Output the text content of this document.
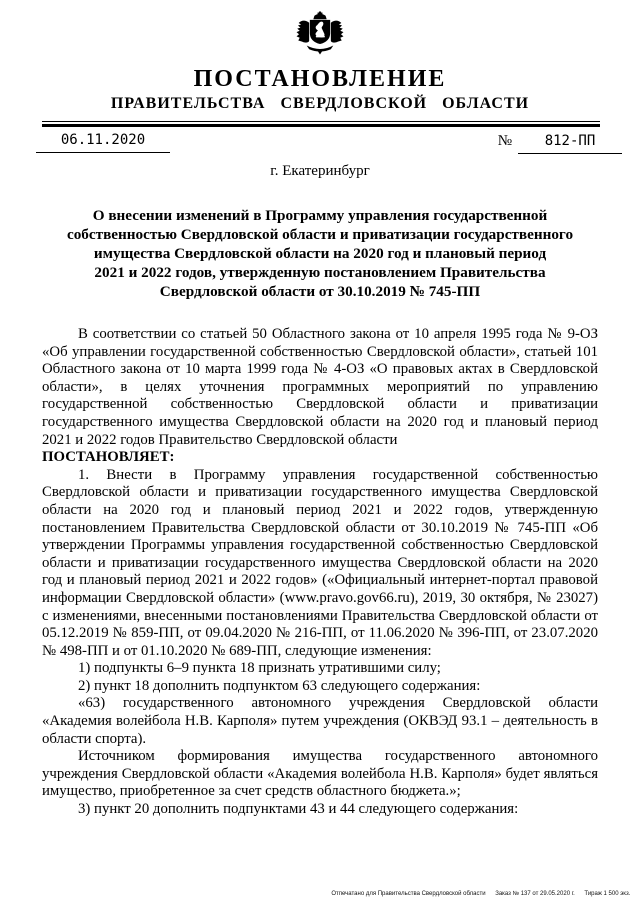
ПОСТАНОВЛЕНИЕ
ПРАВИТЕЛЬСТВА СВЕРДЛОВСКОЙ ОБЛАСТИ
06.11.2020	№ 812-ПП
г. Екатеринбург
О внесении изменений в Программу управления государственной
собственностью Свердловской области и приватизации государственного
имущества Свердловской области на 2020 год и плановый период
2021 и 2022 годов, утвержденную постановлением Правительства
Свердловской области от 30.10.2019 № 745-ПП
В соответствии со статьей 50 Областного закона от 10 апреля 1995 года № 9-ОЗ «Об управлении государственной собственностью Свердловской области», статьей 101 Областного закона от 10 марта 1999 года № 4-ОЗ «О правовых актах в Свердловской области», в целях уточнения программных мероприятий по управлению государственной собственностью Свердловской области и приватизации государственного имущества Свердловской области на 2020 год и плановый период 2021 и 2022 годов Правительство Свердловской области
ПОСТАНОВЛЯЕТ:
1. Внести в Программу управления государственной собственностью Свердловской области и приватизации государственного имущества Свердловской области на 2020 год и плановый период 2021 и 2022 годов, утвержденную постановлением Правительства Свердловской области от 30.10.2019 № 745-ПП «Об утверждении Программы управления государственной собственностью Свердловской области и приватизации государственного имущества Свердловской области на 2020 год и плановый период 2021 и 2022 годов» («Официальный интернет-портал правовой информации Свердловской области» (www.pravo.gov66.ru), 2019, 30 октября, № 23027) с изменениями, внесенными постановлениями Правительства Свердловской области от 05.12.2019 № 859-ПП, от 09.04.2020 № 216-ПП, от 11.06.2020 № 396-ПП, от 23.07.2020 № 498-ПП и от 01.10.2020 № 689-ПП, следующие изменения:
1) подпункты 6–9 пункта 18 признать утратившими силу;
2) пункт 18 дополнить подпунктом 63 следующего содержания:
«63) государственного автономного учреждения Свердловской области «Академия волейбола Н.В. Карполя» путем учреждения (ОКВЭД 93.1 – деятельность в области спорта).
Источником формирования имущества государственного автономного учреждения Свердловской области «Академия волейбола Н.В. Карполя» будет являться имущество, приобретенное за счет средств областного бюджета.»;
3) пункт 20 дополнить подпунктами 43 и 44 следующего содержания:
Отпечатано для Правительства Свердловской области Заказ № 137 от 29.05.2020 г. Тираж 1 500 экз.
